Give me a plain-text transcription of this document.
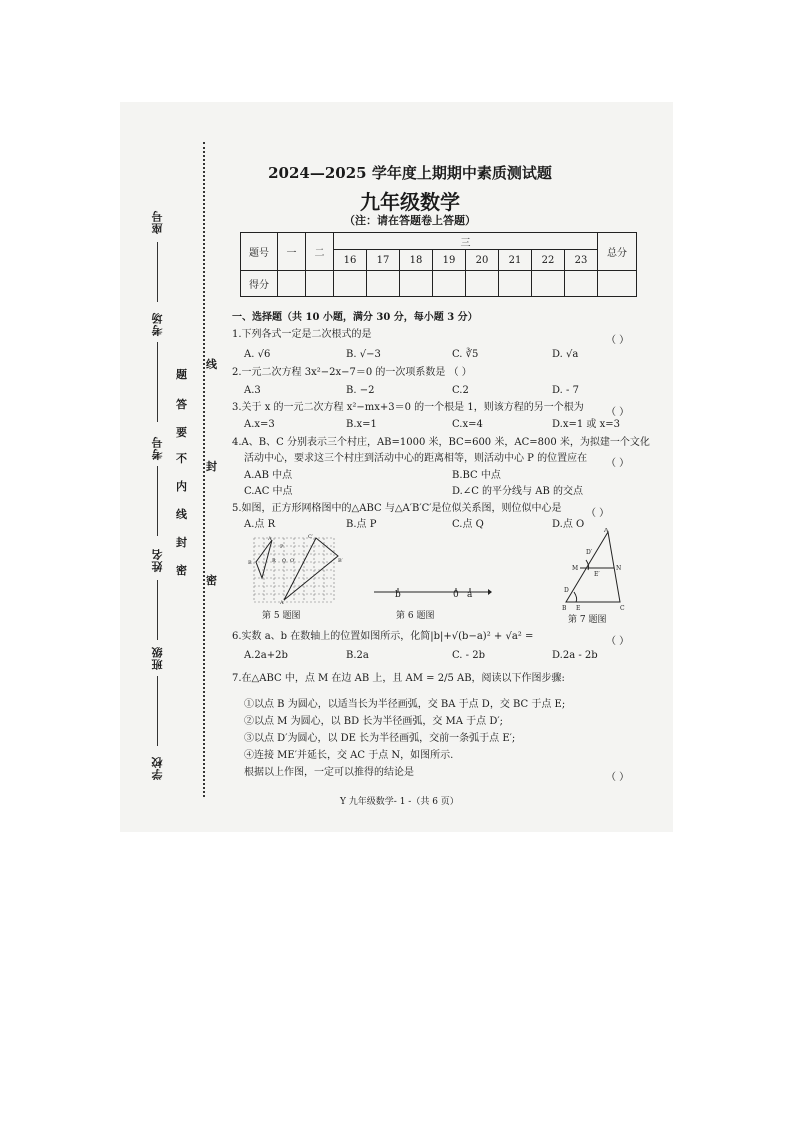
座号
考场
考号
姓名
班级
学校
题
答
要
不
内
线
封
密
线
封
密
2024—2025 学年度上期期中素质测试题
九年级数学
（注：请在答题卷上答题）
题号	一	二	三								总分
			16	17	18	19	20	21	22	23	
得分											
一、选择题（共 10 小题，满分 30 分，每小题 3 分）
1.下列各式一定是二次根式的是
（ ）
A. √6	B. √−3	C. ∛5	D. √a
2.一元二次方程 3x²−2x−7＝0 的一次项系数是 （ ）
A.3	B. −2	C.2	D. - 7
3.关于 x 的一元二次方程 x²−mx+3＝0 的一个根是 1，则该方程的另一个根为 （ ）
A.x=3	B.x=1	C.x=4	D.x=1 或 x=3
4.A、B、C 分别表示三个村庄，AB=1000 米，BC=600 米，AC=800 米，为拟建一个文化
活动中心，要求这三个村庄到活动中心的距离相等，则活动中心 P 的位置应在 （ ）
A.AB 中点	B.BC 中点
C.AC 中点	D.∠C 的平分线与 AB 的交点
5.如图，正方形网格图中的△ABC 与△A′B′C′是位似关系图，则位似中心是 （ ）
A.点 R	B.点 P	C.点 Q	D.点 O
B
A
P
R Q O
C′
B′
A′
第 5 题图
b	0 a
第 6 题图
A
B	C
M	N
D′
E′
D
E
第 7 题图
6.实数 a、b 在数轴上的位置如图所示，化简|b|+√(b−a)² + √a² =	（ ）
A.2a+2b	B.2a	C. - 2b	D.2a - 2b
7.在△ABC 中，点 M 在边 AB 上，且 AM = 2/5 AB，阅读以下作图步骤:
①以点 B 为圆心，以适当长为半径画弧，交 BA 于点 D，交 BC 于点 E;
②以点 M 为圆心，以 BD 长为半径画弧，交 MA 于点 D′;
③以点 D′为圆心，以 DE 长为半径画弧，交前一条弧于点 E′;
④连接 ME′并延长，交 AC 于点 N，如图所示.
根据以上作图，一定可以推得的结论是	（ ）
Y 九年级数学- 1 -（共 6 页）
